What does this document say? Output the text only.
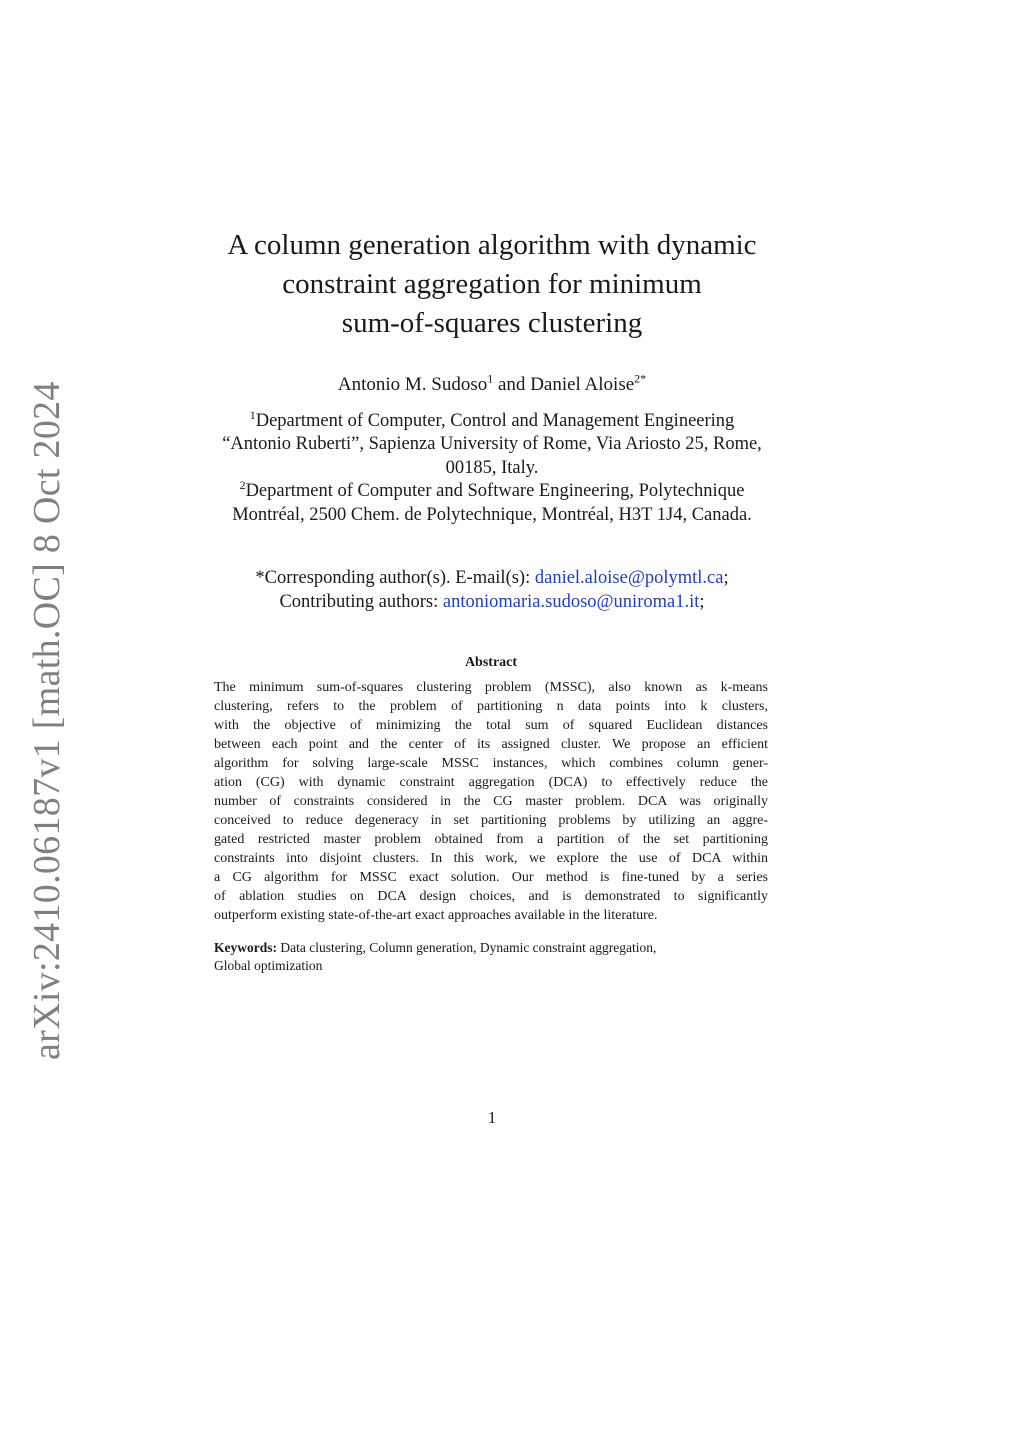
arXiv:2410.06187v1 [math.OC] 8 Oct 2024
A column generation algorithm with dynamic
constraint aggregation for minimum
sum-of-squares clustering
Antonio M. Sudoso$^1$ and Daniel Aloise$^{2*}$
$^1$Department of Computer, Control and Management Engineering
“Antonio Ruberti”, Sapienza University of Rome, Via Ariosto 25, Rome,
00185, Italy.
$^2$Department of Computer and Software Engineering, Polytechnique
Montréal, 2500 Chem. de Polytechnique, Montréal, H3T 1J4, Canada.
*Corresponding author(s). E-mail(s): daniel.aloise@polymtl.ca;
Contributing authors: antoniomaria.sudoso@uniroma1.it;
Abstract
The minimum sum-of-squares clustering problem (MSSC), also known as k-means
clustering, refers to the problem of partitioning n data points into k clusters,
with the objective of minimizing the total sum of squared Euclidean distances
between each point and the center of its assigned cluster. We propose an efficient
algorithm for solving large-scale MSSC instances, which combines column gener-
ation (CG) with dynamic constraint aggregation (DCA) to effectively reduce the
number of constraints considered in the CG master problem. DCA was originally
conceived to reduce degeneracy in set partitioning problems by utilizing an aggre-
gated restricted master problem obtained from a partition of the set partitioning
constraints into disjoint clusters. In this work, we explore the use of DCA within
a CG algorithm for MSSC exact solution. Our method is fine-tuned by a series
of ablation studies on DCA design choices, and is demonstrated to significantly
outperform existing state-of-the-art exact approaches available in the literature.
Keywords: Data clustering, Column generation, Dynamic constraint aggregation,
Global optimization
1
